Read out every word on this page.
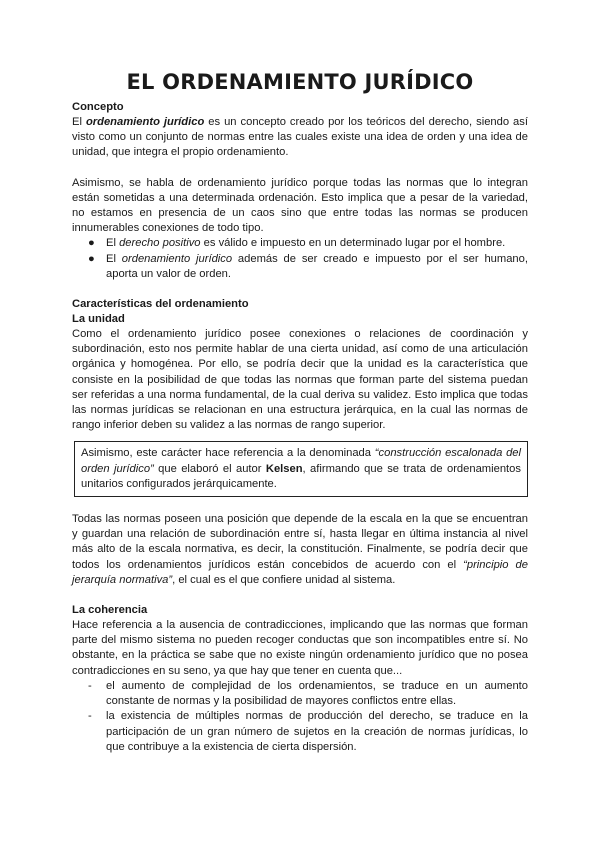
EL ORDENAMIENTO JURÍDICO
Concepto

El ordenamiento jurídico es un concepto creado por los teóricos del derecho, siendo así visto como un conjunto de normas entre las cuales existe una idea de orden y una idea de unidad, que integra el propio ordenamiento.

Asimismo, se habla de ordenamiento jurídico porque todas las normas que lo integran están sometidas a una determinada ordenación. Esto implica que a pesar de la variedad, no estamos en presencia de un caos sino que entre todas las normas se producen innumerables conexiones de todo tipo.

● El derecho positivo es válido e impuesto en un determinado lugar por el hombre.
● El ordenamiento jurídico además de ser creado e impuesto por el ser humano, aporta un valor de orden.
Características del ordenamiento
La unidad

Como el ordenamiento jurídico posee conexiones o relaciones de coordinación y subordinación, esto nos permite hablar de una cierta unidad, así como de una articulación orgánica y homogénea. Por ello, se podría decir que la unidad es la característica que consiste en la posibilidad de que todas las normas que forman parte del sistema puedan ser referidas a una norma fundamental, de la cual deriva su validez. Esto implica que todas las normas jurídicas se relacionan en una estructura jerárquica, en la cual las normas de rango inferior deben su validez a las normas de rango superior.

Asimismo, este carácter hace referencia a la denominada “construcción escalonada del orden jurídico” que elaboró el autor Kelsen, afirmando que se trata de ordenamientos unitarios configurados jerárquicamente.

Todas las normas poseen una posición que depende de la escala en la que se encuentran y guardan una relación de subordinación entre sí, hasta llegar en última instancia al nivel más alto de la escala normativa, es decir, la constitución. Finalmente, se podría decir que todos los ordenamientos jurídicos están concebidos de acuerdo con el “principio de jerarquía normativa”, el cual es el que confiere unidad al sistema.

La coherencia

Hace referencia a la ausencia de contradicciones, implicando que las normas que forman parte del mismo sistema no pueden recoger conductas que son incompatibles entre sí. No obstante, en la práctica se sabe que no existe ningún ordenamiento jurídico que no posea contradicciones en su seno, ya que hay que tener en cuenta que...

- el aumento de complejidad de los ordenamientos, se traduce en un aumento constante de normas y la posibilidad de mayores conflictos entre ellas.
- la existencia de múltiples normas de producción del derecho, se traduce en la participación de un gran número de sujetos en la creación de normas jurídicas, lo que contribuye a la existencia de cierta dispersión.
